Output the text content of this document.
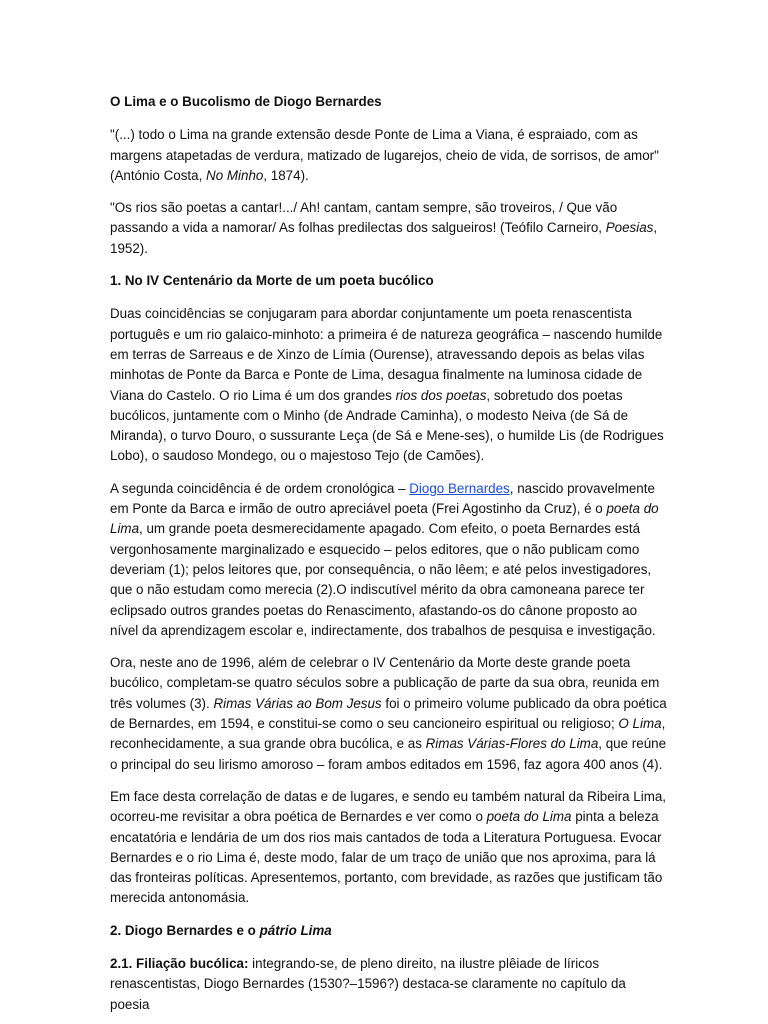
O Lima e o Bucolismo de Diogo Bernardes

"(...) todo o Lima na grande extensão desde Ponte de Lima a Viana, é espraiado, com as margens atapetadas de verdura, matizado de lugarejos, cheio de vida, de sorrisos, de amor" (António Costa, No Minho, 1874).

"Os rios são poetas a cantar!.../ Ah! cantam, cantam sempre, são troveiros, / Que vão passando a vida a namorar/ As folhas predilectas dos salgueiros! (Teófilo Carneiro, Poesias, 1952).

1. No IV Centenário da Morte de um poeta bucólico

Duas coincidências se conjugaram para abordar conjuntamente um poeta renascentista português e um rio galaico-minhoto: a primeira é de natureza geográfica – nascendo humilde em terras de Sarreaus e de Xinzo de Límia (Ourense), atravessando depois as belas vilas minhotas de Ponte da Barca e Ponte de Lima, desagua finalmente na luminosa cidade de Viana do Castelo. O rio Lima é um dos grandes rios dos poetas, sobretudo dos poetas bucólicos, juntamente com o Minho (de Andrade Caminha), o modesto Neiva (de Sá de Miranda), o turvo Douro, o sussurante Leça (de Sá e Mene-ses), o humilde Lis (de Rodrigues Lobo), o saudoso Mondego, ou o majestoso Tejo (de Camões).

A segunda coincidência é de ordem cronológica – Diogo Bernardes, nascido provavelmente em Ponte da Barca e irmão de outro apreciável poeta (Frei Agostinho da Cruz), é o poeta do Lima, um grande poeta desmerecidamente apagado. Com efeito, o poeta Bernardes está vergonhosamente marginalizado e esquecido – pelos editores, que o não publicam como deveriam (1); pelos leitores que, por consequência, o não lêem; e até pelos investigadores, que o não estudam como merecia (2).O indiscutível mérito da obra camoneana parece ter eclipsado outros grandes poetas do Renascimento, afastando-os do cânone proposto ao nível da aprendizagem escolar e, indirectamente, dos trabalhos de pesquisa e investigação.

Ora, neste ano de 1996, além de celebrar o IV Centenário da Morte deste grande poeta bucólico, completam-se quatro séculos sobre a publicação de parte da sua obra, reunida em três volumes (3). Rimas Várias ao Bom Jesus foi o primeiro volume publicado da obra poética de Bernardes, em 1594, e constitui-se como o seu cancioneiro espiritual ou religioso; O Lima, reconhecidamente, a sua grande obra bucólica, e as Rimas Várias-Flores do Lima, que reúne o principal do seu lirismo amoroso – foram ambos editados em 1596, faz agora 400 anos (4).

Em face desta correlação de datas e de lugares, e sendo eu também natural da Ribeira Lima, ocorreu-me revisitar a obra poética de Bernardes e ver como o poeta do Lima pinta a beleza encatatória e lendária de um dos rios mais cantados de toda a Literatura Portuguesa. Evocar Bernardes e o rio Lima é, deste modo, falar de um traço de união que nos aproxima, para lá das fronteiras políticas. Apresentemos, portanto, com brevidade, as razões que justificam tão merecida antonomásia.

2. Diogo Bernardes e o pátrio Lima

2.1. Filiação bucólica: integrando-se, de pleno direito, na ilustre plêiade de líricos renascentistas, Diogo Bernardes (1530?–1596?) destaca-se claramente no capítulo da poesia
